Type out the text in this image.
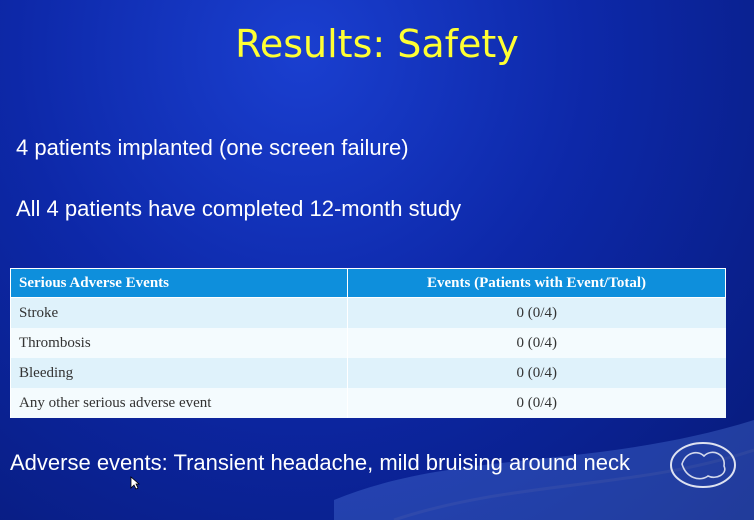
Results: Safety
4 patients implanted (one screen failure)
All 4 patients have completed 12-month study
Serious Adverse Events	Events (Patients with Event/Total)
Stroke	0 (0/4)
Thrombosis	0 (0/4)
Bleeding	0 (0/4)
Any other serious adverse event	0 (0/4)
Adverse events: Transient headache, mild bruising around neck
